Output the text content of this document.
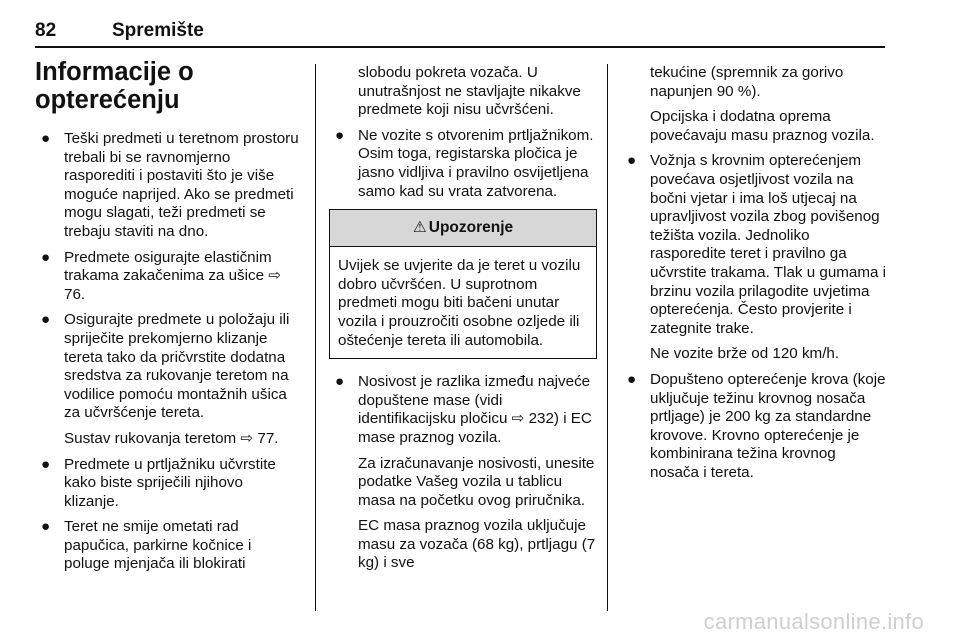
82	Spremište
Informacije o opterećenju
● Teški predmeti u teretnom prostoru trebali bi se ravnomjerno rasporediti i postaviti što je više moguće naprijed. Ako se predmeti mogu slagati, teži predmeti se trebaju staviti na dno.
● Predmete osigurajte elastičnim trakama zakačenima za ušice ⇨ 76.
● Osigurajte predmete u položaju ili spriječite prekomjerno klizanje tereta tako da pričvrstite dodatna sredstva za rukovanje teretom na vodilice pomoću montažnih ušica za učvršćenje tereta.
Sustav rukovanja teretom ⇨ 77.
● Predmete u prtljažniku učvrstite kako biste spriječili njihovo klizanje.
● Teret ne smije ometati rad papučica, parkirne kočnice i poluge mjenjača ili blokirati
slobodu pokreta vozača. U unutrašnjost ne stavljajte nikakve predmete koji nisu učvršćeni.
● Ne vozite s otvorenim prtljažnikom. Osim toga, registarska pločica je jasno vidljiva i pravilno osvijetljena samo kad su vrata zatvorena.
⚠ Upozorenje
Uvijek se uvjerite da je teret u vozilu dobro učvršćen. U suprotnom predmeti mogu biti bačeni unutar vozila i prouzročiti osobne ozljede ili oštećenje tereta ili automobila.
● Nosivost je razlika između najveće dopuštene mase (vidi identifikacijsku pločicu ⇨ 232) i EC mase praznog vozila.
Za izračunavanje nosivosti, unesite podatke Vašeg vozila u tablicu masa na početku ovog priručnika.
EC masa praznog vozila uključuje masu za vozača (68 kg), prtljagu (7 kg) i sve
tekućine (spremnik za gorivo napunjen 90 %).
Opcijska i dodatna oprema povećavaju masu praznog vozila.
● Vožnja s krovnim opterećenjem povećava osjetljivost vozila na bočni vjetar i ima loš utjecaj na upravljivost vozila zbog povišenog težišta vozila. Jednoliko rasporedite teret i pravilno ga učvrstite trakama. Tlak u gumama i brzinu vozila prilagodite uvjetima opterećenja. Često provjerite i zategnite trake.
Ne vozite brže od 120 km/h.
● Dopušteno opterećenje krova (koje uključuje težinu krovnog nosača prtljage) je 200 kg za standardne krovove. Krovno opterećenje je kombinirana težina krovnog nosača i tereta.
carmanualsonline.info
